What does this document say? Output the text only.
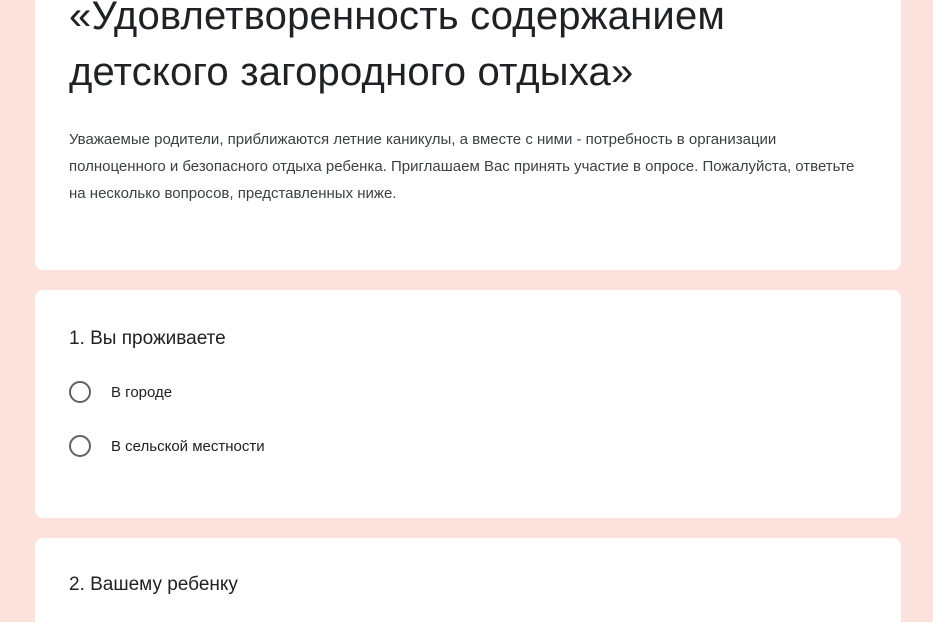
«Удовлетворенность содержанием детского загородного отдыха»

Уважаемые родители, приближаются летние каникулы, а вместе с ними - потребность в организации полноценного и безопасного отдыха ребенка. Приглашаем Вас принять участие в опросе. Пожалуйста, ответьте на несколько вопросов, представленных ниже.

1. Вы проживаете
В городе
В сельской местности
2. Вашему ребенку
